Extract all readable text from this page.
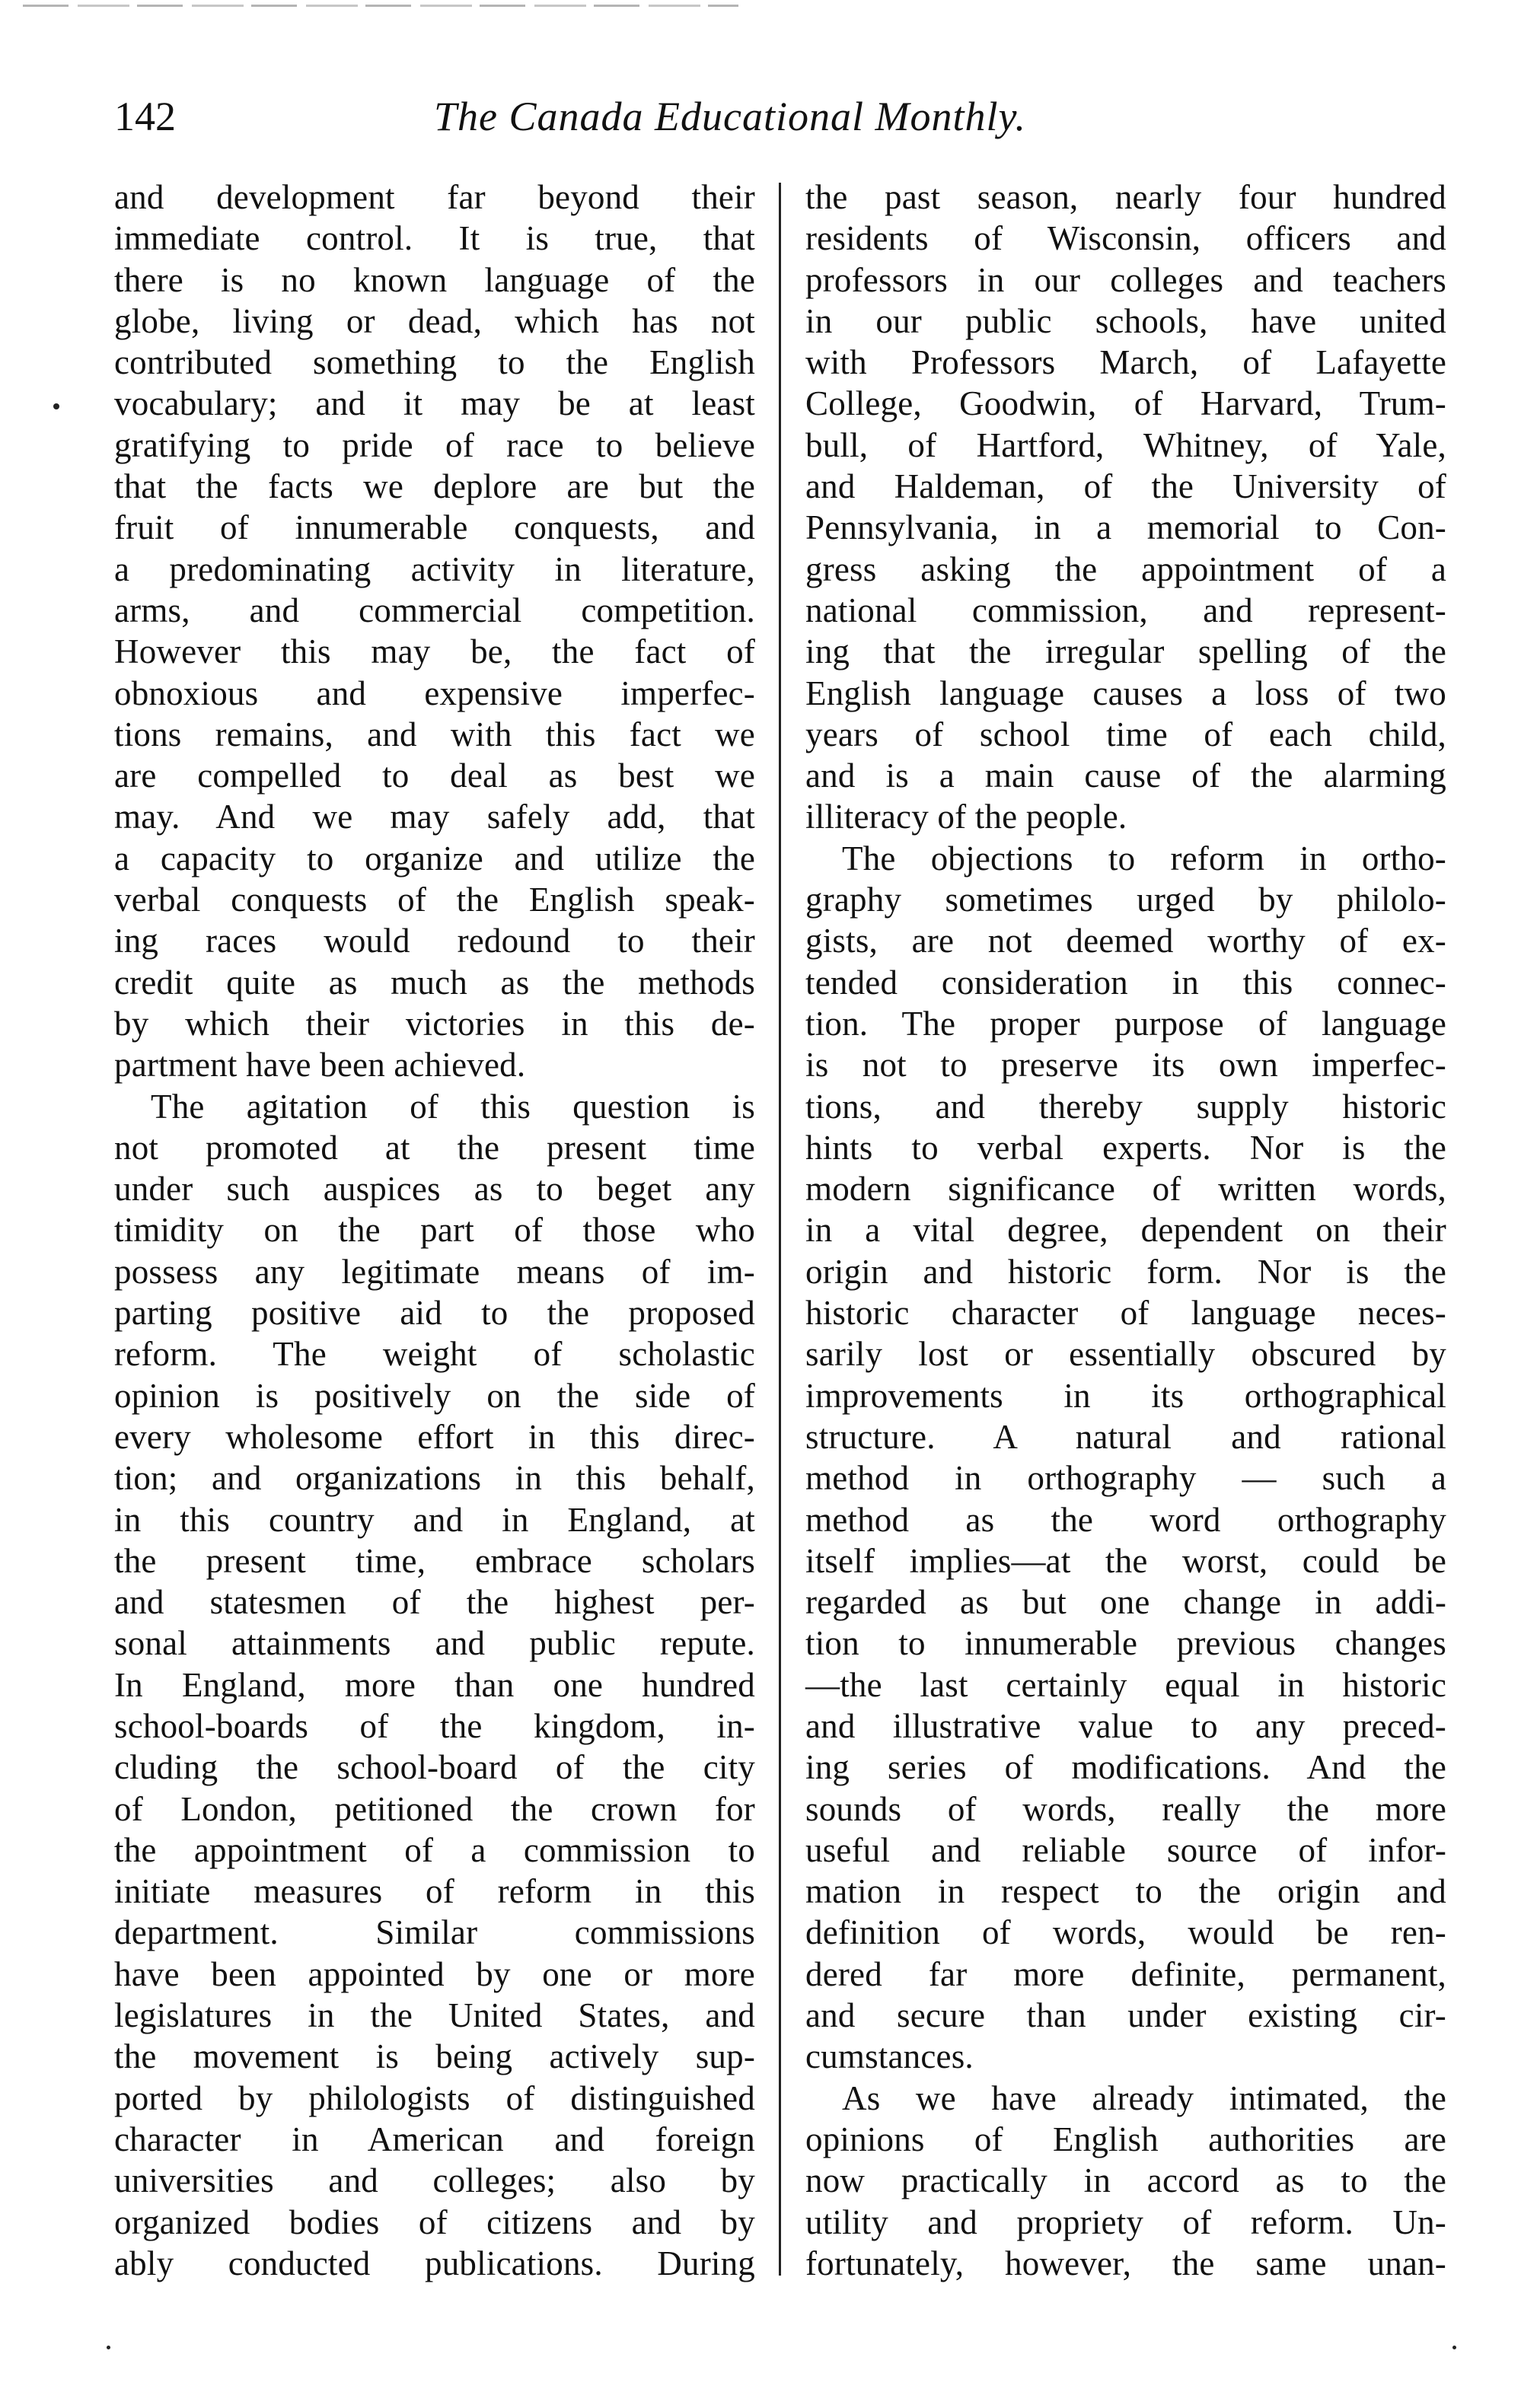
142	The Canada Educational Monthly.
and development far beyond their
immediate control. It is true, that
there is no known language of the
globe, living or dead, which has not
contributed something to the English
vocabulary; and it may be at least
gratifying to pride of race to believe
that the facts we deplore are but the
fruit of innumerable conquests, and
a predominating activity in literature,
arms, and commercial competition.
However this may be, the fact of
obnoxious and expensive imperfec-
tions remains, and with this fact we
are compelled to deal as best we
may. And we may safely add, that
a capacity to organize and utilize the
verbal conquests of the English speak-
ing races would redound to their
credit quite as much as the methods
by which their victories in this de-
partment have been achieved.
The agitation of this question is
not promoted at the present time
under such auspices as to beget any
timidity on the part of those who
possess any legitimate means of im-
parting positive aid to the proposed
reform. The weight of scholastic
opinion is positively on the side of
every wholesome effort in this direc-
tion; and organizations in this behalf,
in this country and in England, at
the present time, embrace scholars
and statesmen of the highest per-
sonal attainments and public repute.
In England, more than one hundred
school-boards of the kingdom, in-
cluding the school-board of the city
of London, petitioned the crown for
the appointment of a commission to
initiate measures of reform in this
department. Similar commissions
have been appointed by one or more
legislatures in the United States, and
the movement is being actively sup-
ported by philologists of distinguished
character in American and foreign
universities and colleges; also by
organized bodies of citizens and by
ably conducted publications. During
the past season, nearly four hundred
residents of Wisconsin, officers and
professors in our colleges and teachers
in our public schools, have united
with Professors March, of Lafayette
College, Goodwin, of Harvard, Trum-
bull, of Hartford, Whitney, of Yale,
and Haldeman, of the University of
Pennsylvania, in a memorial to Con-
gress asking the appointment of a
national commission, and represent-
ing that the irregular spelling of the
English language causes a loss of two
years of school time of each child,
and is a main cause of the alarming
illiteracy of the people.
The objections to reform in ortho-
graphy sometimes urged by philolo-
gists, are not deemed worthy of ex-
tended consideration in this connec-
tion. The proper purpose of language
is not to preserve its own imperfec-
tions, and thereby supply historic
hints to verbal experts. Nor is the
modern significance of written words,
in a vital degree, dependent on their
origin and historic form. Nor is the
historic character of language neces-
sarily lost or essentially obscured by
improvements in its orthographical
structure. A natural and rational
method in orthography — such a
method as the word orthography
itself implies—at the worst, could be
regarded as but one change in addi-
tion to innumerable previous changes
—the last certainly equal in historic
and illustrative value to any preced-
ing series of modifications. And the
sounds of words, really the more
useful and reliable source of infor-
mation in respect to the origin and
definition of words, would be ren-
dered far more definite, permanent,
and secure than under existing cir-
cumstances.
As we have already intimated, the
opinions of English authorities are
now practically in accord as to the
utility and propriety of reform. Un-
fortunately, however, the same unan-
